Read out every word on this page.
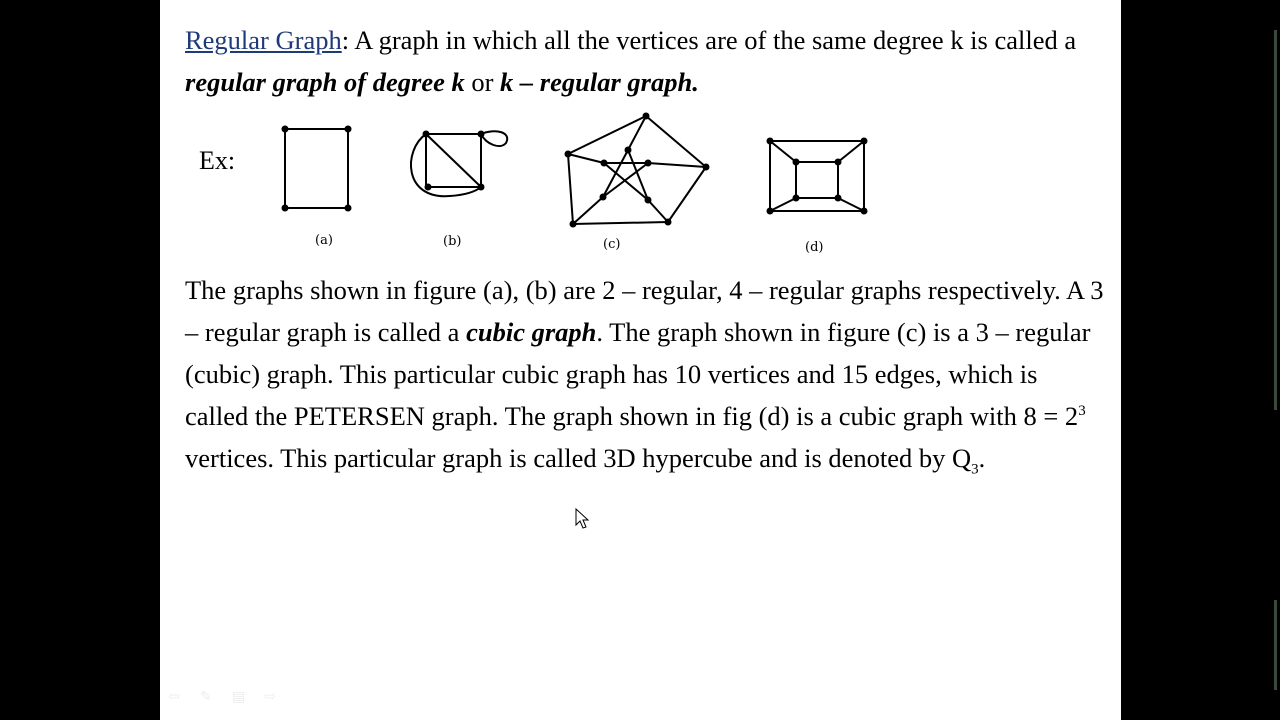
Regular Graph: A graph in which all the vertices are of the same degree k is called a regular graph of degree k or k – regular graph.
Ex:
(a)	(b)	(c)	(d)
The graphs shown in figure (a), (b) are 2 – regular, 4 – regular graphs respectively. A 3 – regular graph is called a cubic graph. The graph shown in figure (c) is a 3 – regular (cubic) graph. This particular cubic graph has 10 vertices and 15 edges, which is called the PETERSEN graph. The graph shown in fig (d) is a cubic graph with $8 = 2^3$ vertices. This particular graph is called 3D hypercube and is denoted by $Q_3$.
⇦	✎	▤	⇨
